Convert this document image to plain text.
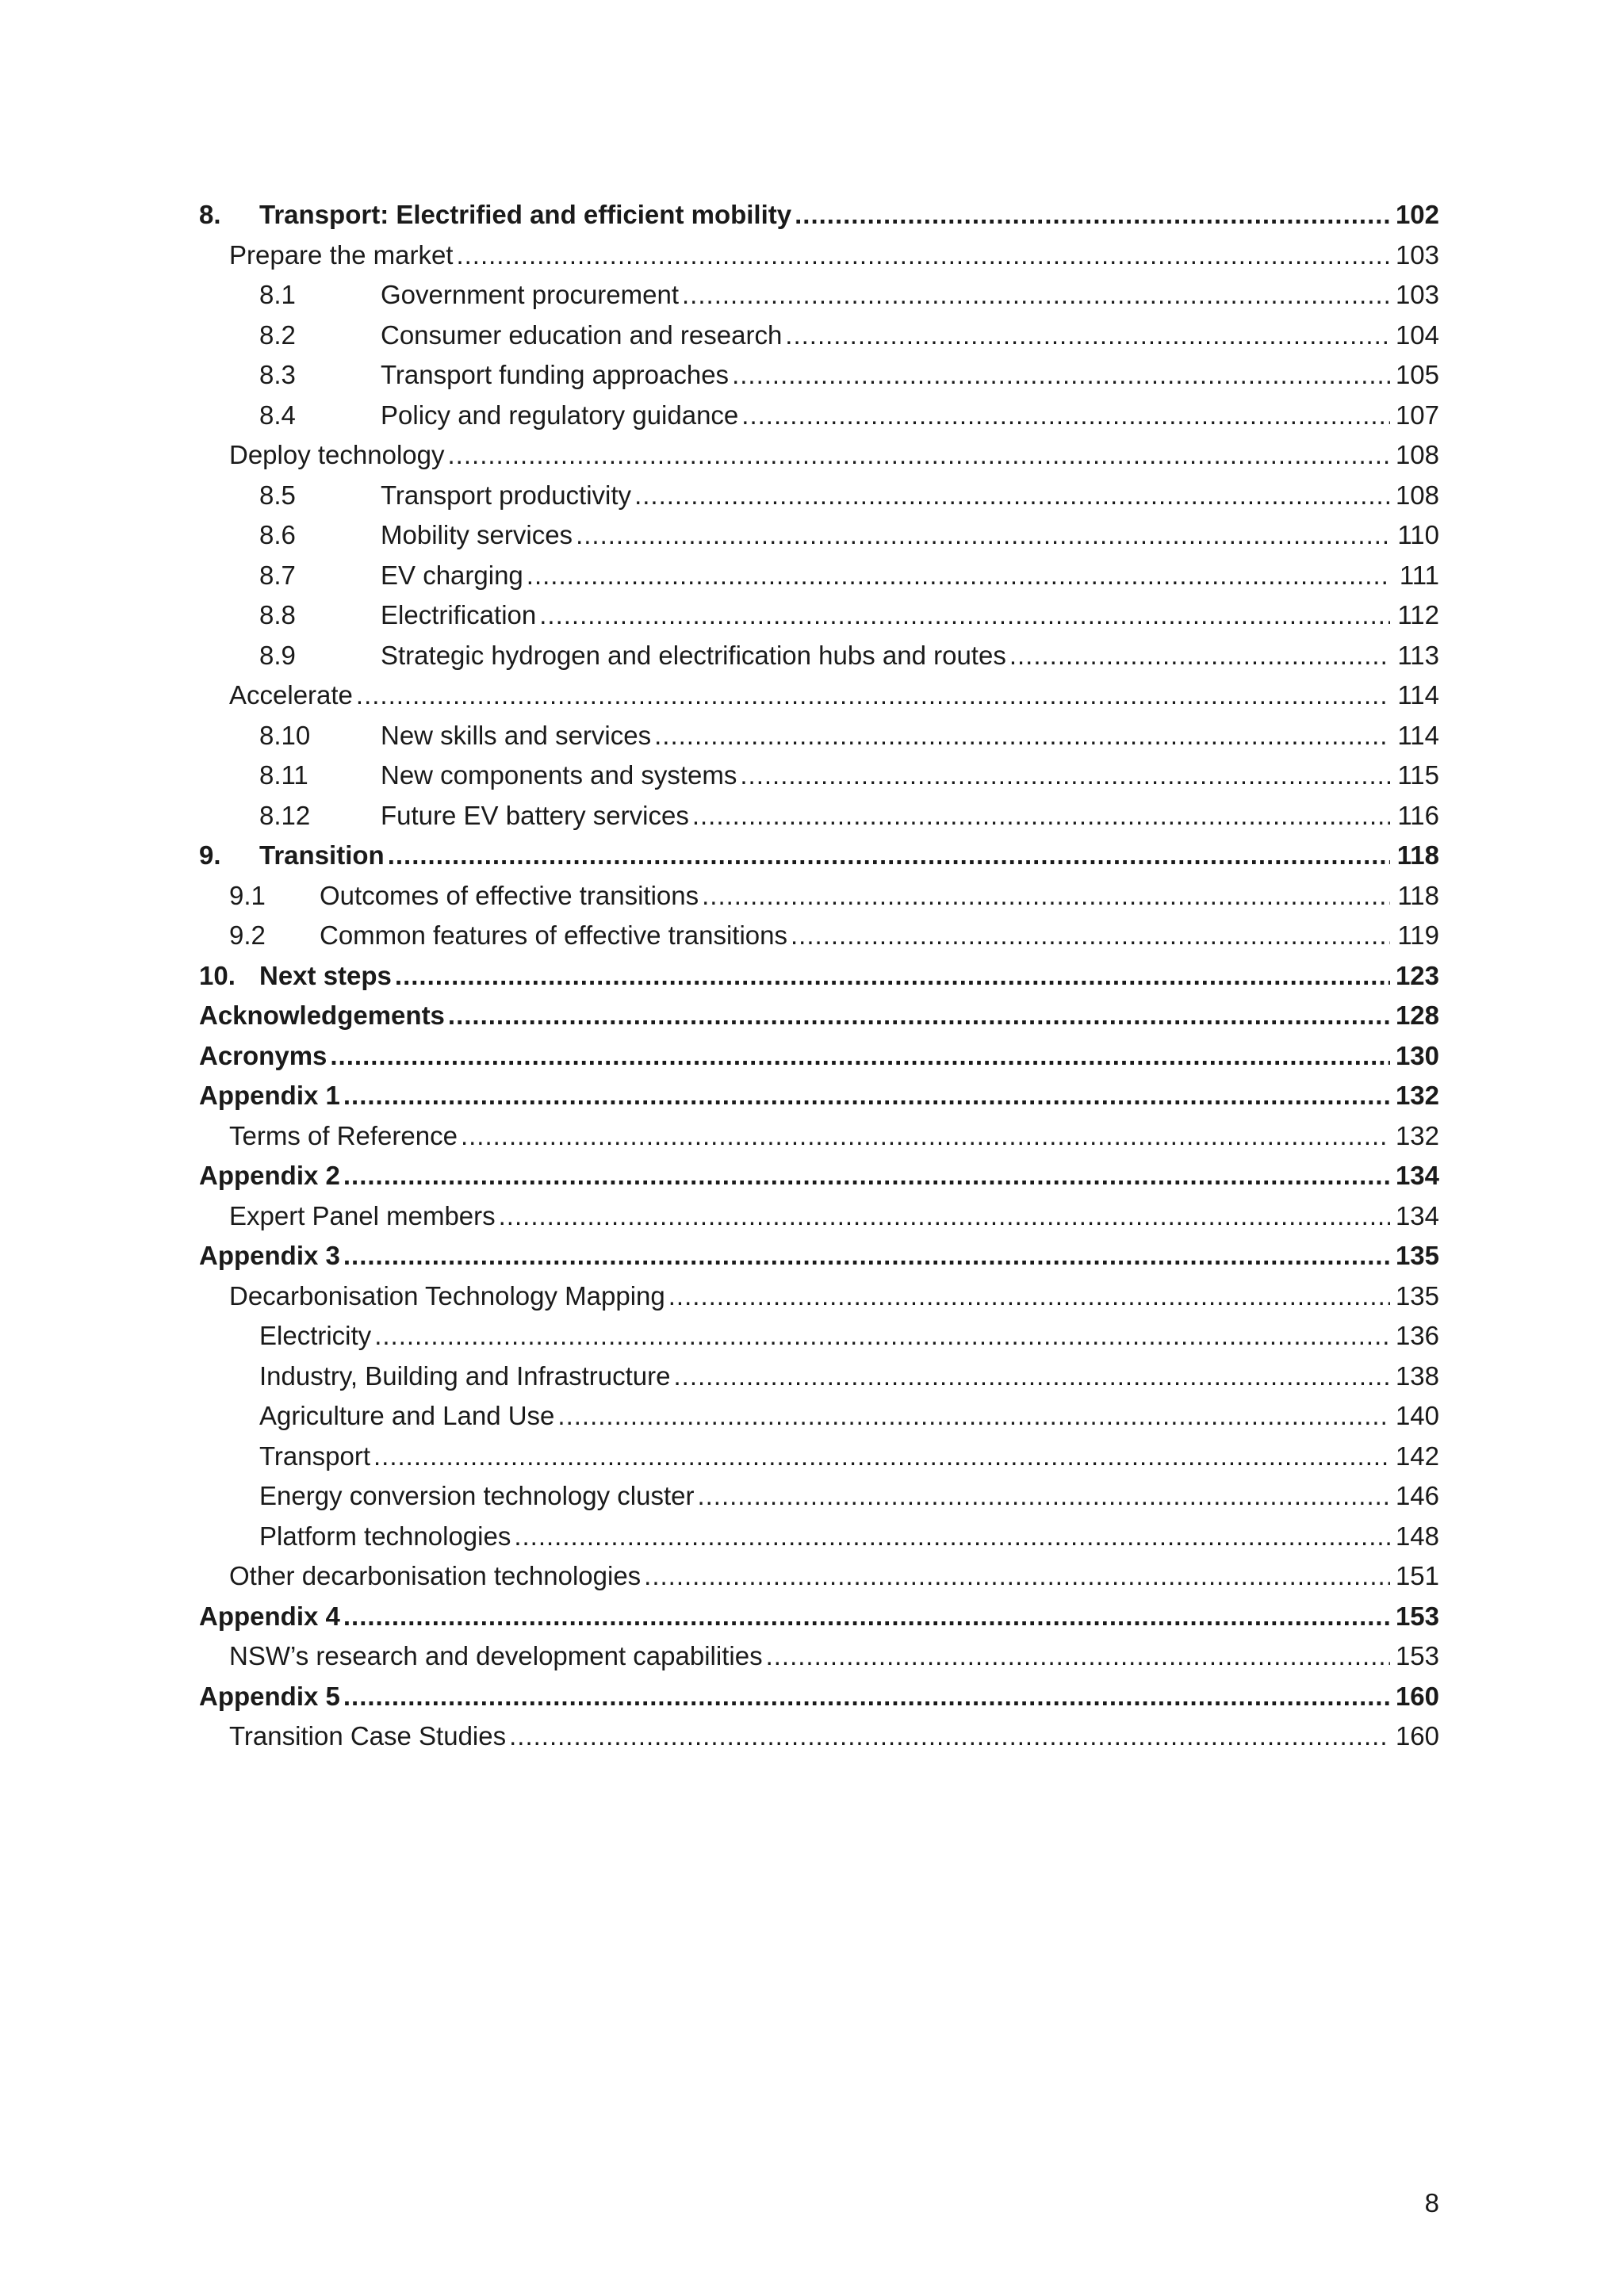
8.	Transport: Electrified and efficient mobility .....	102
Prepare the market .....	103
8.1	Government procurement .....	103
8.2	Consumer education and research .....	104
8.3	Transport funding approaches .....	105
8.4	Policy and regulatory guidance .....	107
Deploy technology .....	108
8.5	Transport productivity .....	108
8.6	Mobility services .....	110
8.7	EV charging .....	111
8.8	Electrification .....	112
8.9	Strategic hydrogen and electrification hubs and routes .....	113
Accelerate .....	114
8.10	New skills and services .....	114
8.11	New components and systems .....	115
8.12	Future EV battery services .....	116
9.	Transition .....	118
9.1	Outcomes of effective transitions .....	118
9.2	Common features of effective transitions .....	119
10. Next steps .....	123
Acknowledgements .....	128
Acronyms .....	130
Appendix 1 .....	132
Terms of Reference .....	132
Appendix 2 .....	134
Expert Panel members .....	134
Appendix 3 .....	135
Decarbonisation Technology Mapping .....	135
Electricity .....	136
Industry, Building and Infrastructure .....	138
Agriculture and Land Use .....	140
Transport .....	142
Energy conversion technology cluster .....	146
Platform technologies .....	148
Other decarbonisation technologies .....	151
Appendix 4 .....	153
NSW’s research and development capabilities .....	153
Appendix 5 .....	160
Transition Case Studies .....	160
8
